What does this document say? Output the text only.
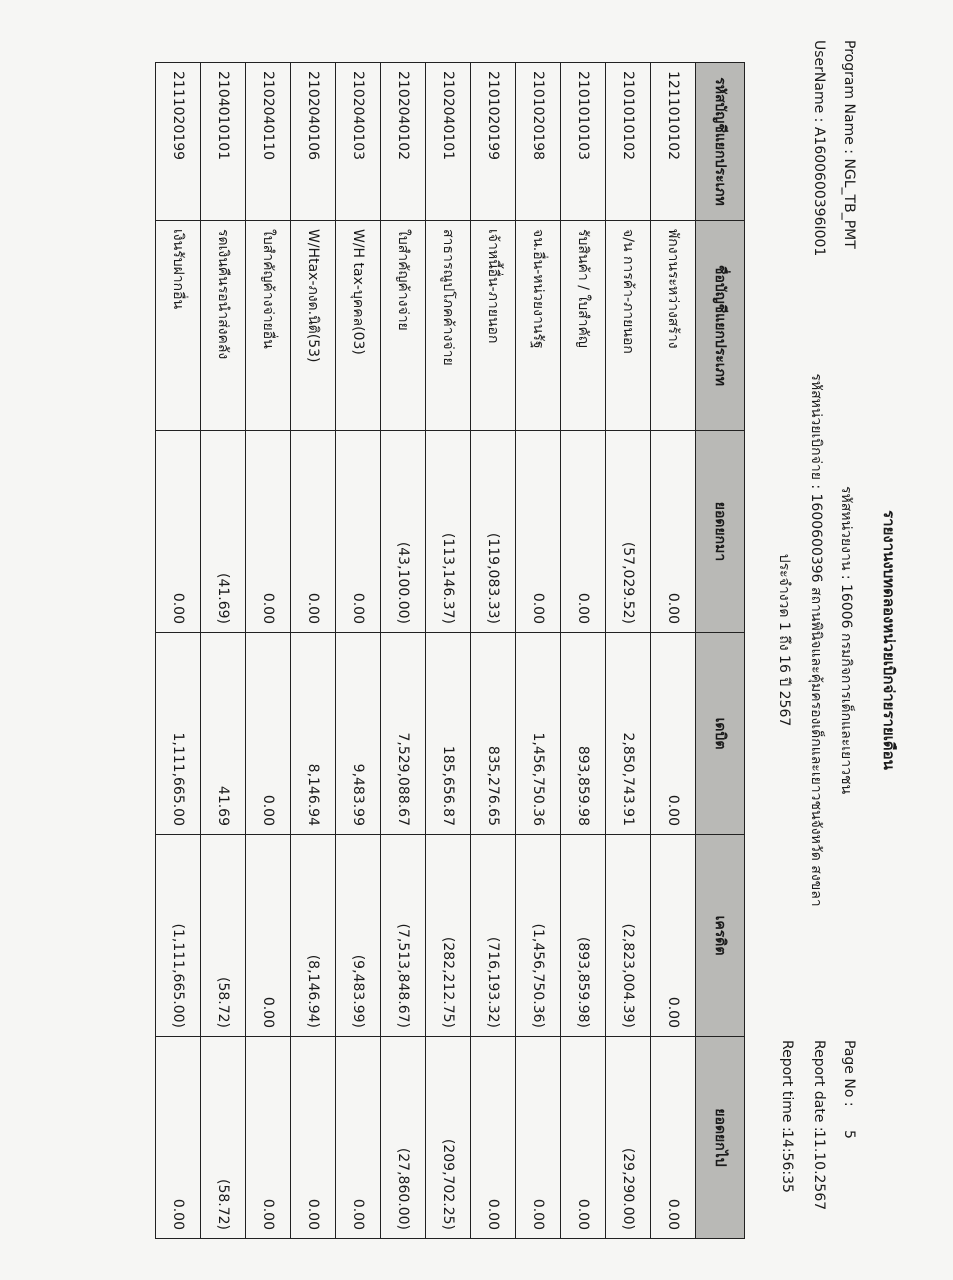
รายงานงบทดลองหน่วยเบิกจ่ายรายเดือน
Program Name : NGL_TB_PMT
รหัสหน่วยงาน : 16006 กรมกิจการเด็กและเยาวชน
Page No :
5
UserName : A1600600396I001
รหัสหน่วยเบิกจ่าย : 1600600396 สถานพินิจและคุ้มครองเด็กและเยาวชนจังหวัด สงขลา
Report date :
11.10.2567
ประจำงวด 1 ถึง 16 ปี 2567
Report time :
14:56:35
รหัสบัญชีแยกประเภท	ชื่อบัญชีแยกประเภท	ยอดยกมา	เดบิต	เครดิต	ยอดยกไป
1211010102	พักงานระหว่างสร้าง	0.00	0.00	0.00	0.00
2101010102	จ/น การค้า-ภายนอก	(57,029.52)	2,850,743.91	(2,823,004.39)	(29,290.00)
2101010103	รับสินค้า / ใบสำคัญ	0.00	893,859.98	(893,859.98)	0.00
2101020198	จน.อื่น-หน่วยงานรัฐ	0.00	1,456,750.36	(1,456,750.36)	0.00
2101020199	เจ้าหนี้อื่น-ภายนอก	(119,083.33)	835,276.65	(716,193.32)	0.00
2102040101	สาธารณูปโภคค้างจ่าย	(113,146.37)	185,656.87	(282,212.75)	(209,702.25)
2102040102	ใบสำคัญค้างจ่าย	(43,100.00)	7,529,088.67	(7,513,848.67)	(27,860.00)
2102040103	W/H tax-บุคคล(03)	0.00	9,483.99	(9,483.99)	0.00
2102040106	W/Htax-ภงด.นิติ(53)	0.00	8,146.94	(8,146.94)	0.00
2102040110	ใบสำคัญค้างจ่ายอื่น	0.00	0.00	0.00	0.00
2104010101	รดเงินคืนรอนำส่งคลัง	(41.69)	41.69	(58.72)	(58.72)
2111020199	เงินรับฝากอื่น	0.00	1,111,665.00	(1,111,665.00)	0.00
